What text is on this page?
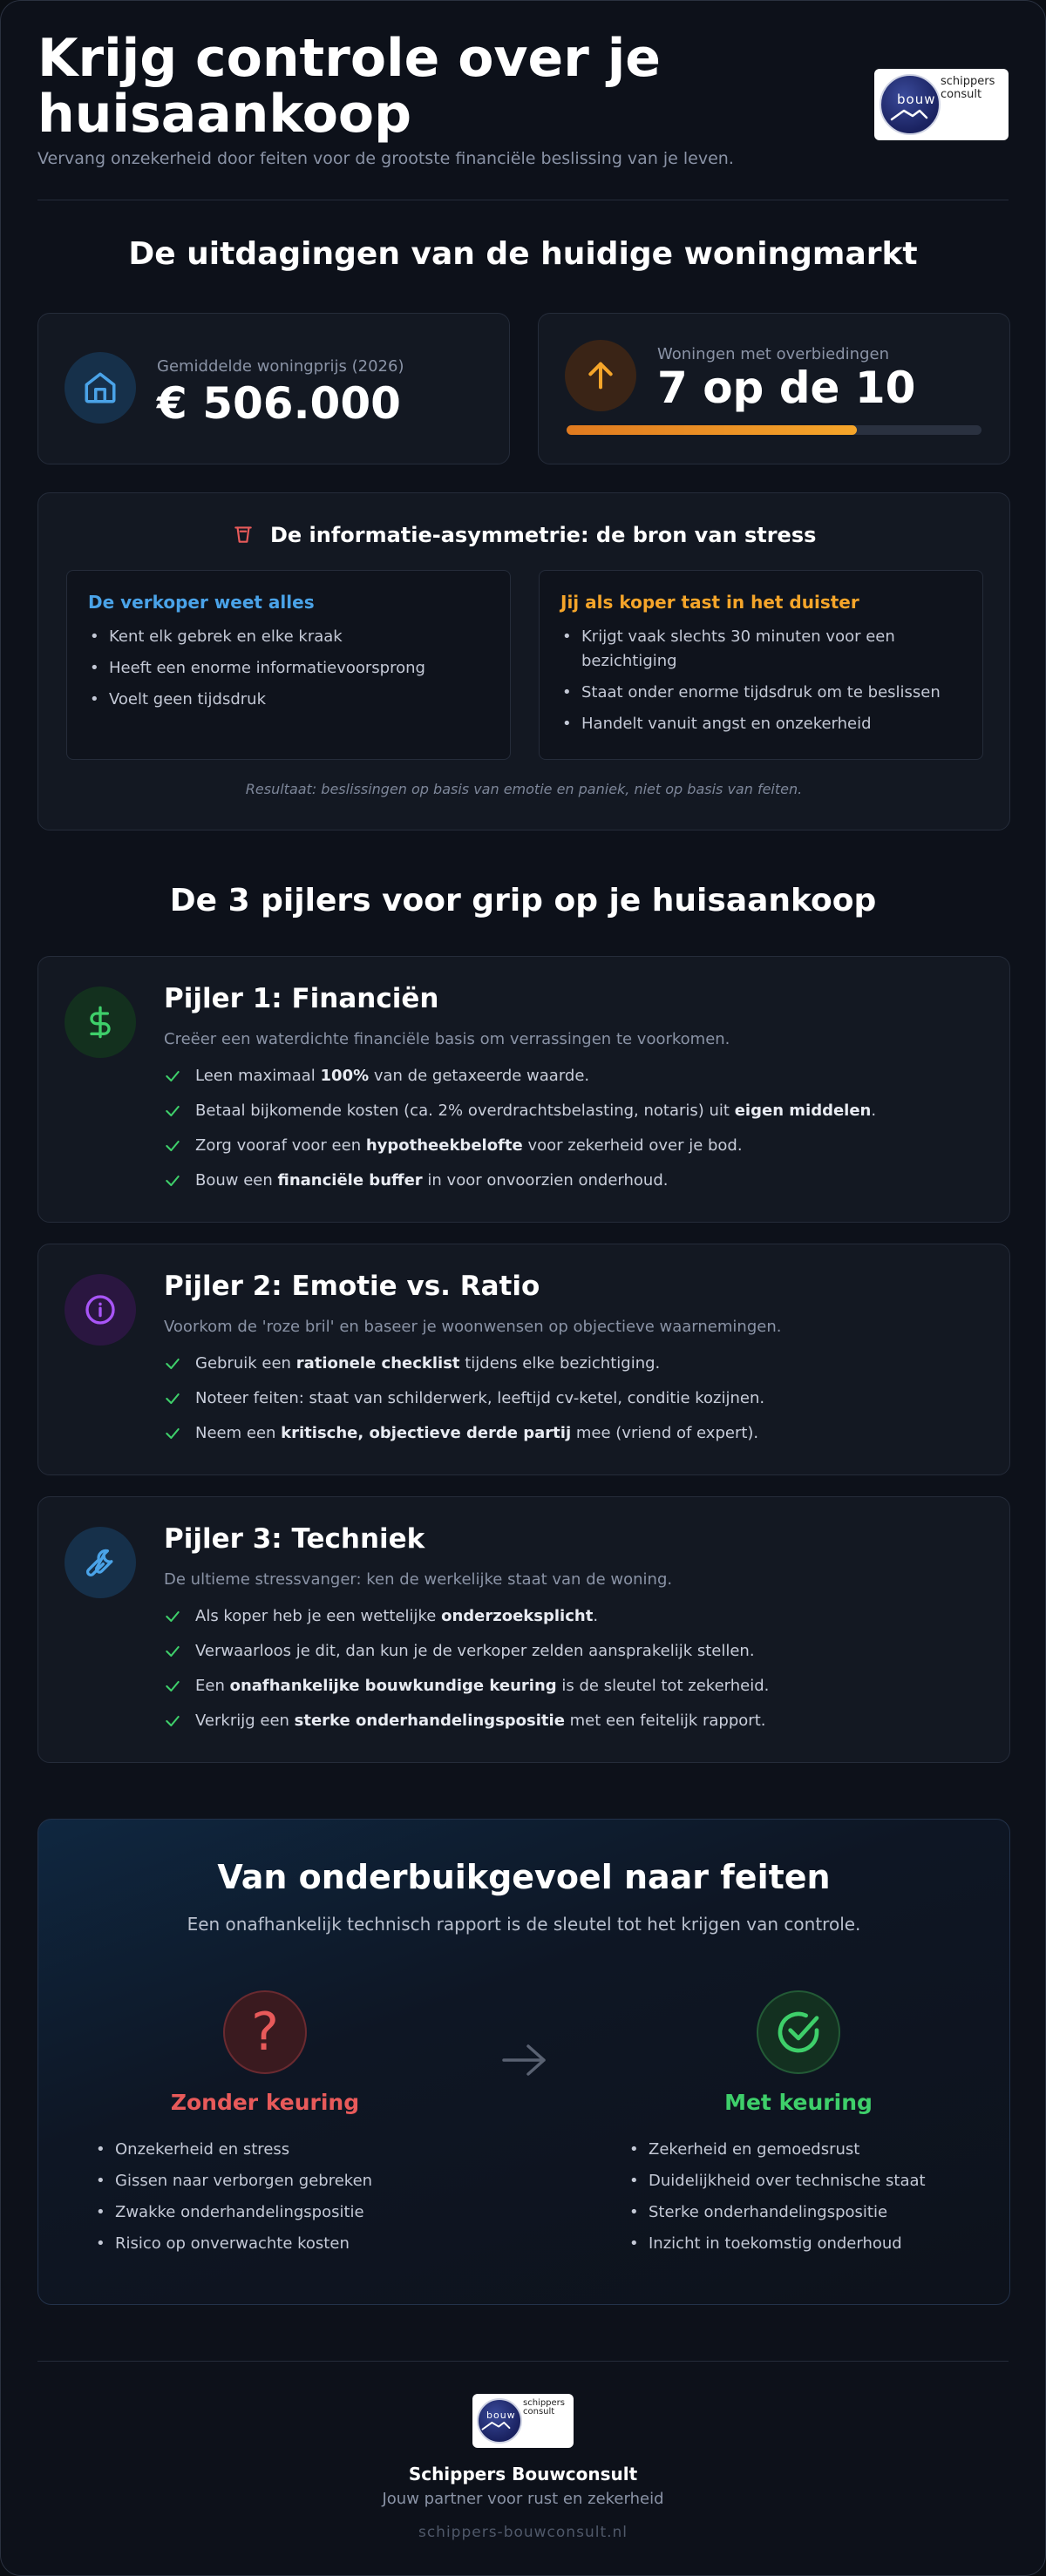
Krijg controle over je huisaankoop
Vervang onzekerheid door feiten voor de grootste financiële beslissing van je leven.
bouw
schippers
consult
De uitdagingen van de huidige woningmarkt
Gemiddelde woningprijs (2026)
€ 506.000
Woningen met overbiedingen
7 op de 10
De informatie-asymmetrie: de bron van stress
De verkoper weet alles
• Kent elk gebrek en elke kraak
• Heeft een enorme informatievoorsprong
• Voelt geen tijdsdruk
Jij als koper tast in het duister
• Krijgt vaak slechts 30 minuten voor een bezichtiging
• Staat onder enorme tijdsdruk om te beslissen
• Handelt vanuit angst en onzekerheid
Resultaat: beslissingen op basis van emotie en paniek, niet op basis van feiten.
De 3 pijlers voor grip op je huisaankoop
Pijler 1: Financiën
Creëer een waterdichte financiële basis om verrassingen te voorkomen.
Leen maximaal 100% van de getaxeerde waarde.
Betaal bijkomende kosten (ca. 2% overdrachtsbelasting, notaris) uit eigen middelen.
Zorg vooraf voor een hypotheekbelofte voor zekerheid over je bod.
Bouw een financiële buffer in voor onvoorzien onderhoud.
Pijler 2: Emotie vs. Ratio
Voorkom de 'roze bril' en baseer je woonwensen op objectieve waarnemingen.
Gebruik een rationele checklist tijdens elke bezichtiging.
Noteer feiten: staat van schilderwerk, leeftijd cv-ketel, conditie kozijnen.
Neem een kritische, objectieve derde partij mee (vriend of expert).
Pijler 3: Techniek
De ultieme stressvanger: ken de werkelijke staat van de woning.
Als koper heb je een wettelijke onderzoeksplicht.
Verwaarloos je dit, dan kun je de verkoper zelden aansprakelijk stellen.
Een onafhankelijke bouwkundige keuring is de sleutel tot zekerheid.
Verkrijg een sterke onderhandelingspositie met een feitelijk rapport.
Van onderbuikgevoel naar feiten
Een onafhankelijk technisch rapport is de sleutel tot het krijgen van controle.
?
Zonder keuring
• Onzekerheid en stress
• Gissen naar verborgen gebreken
• Zwakke onderhandelingspositie
• Risico op onverwachte kosten
Met keuring
• Zekerheid en gemoedsrust
• Duidelijkheid over technische staat
• Sterke onderhandelingspositie
• Inzicht in toekomstig onderhoud
bouw
schippers
consult
Schippers Bouwconsult
Jouw partner voor rust en zekerheid
schippers-bouwconsult.nl
